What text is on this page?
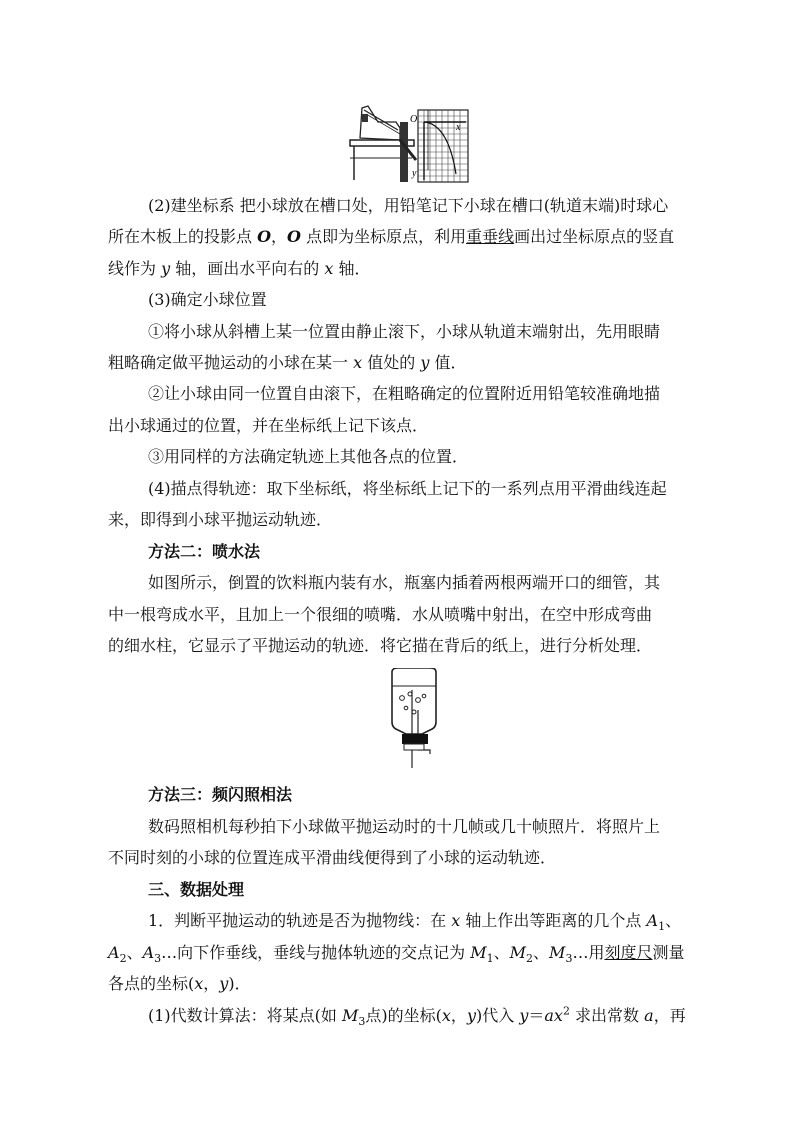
O
x
y
(2)建坐标系 把小球放在槽口处，用铅笔记下小球在槽口(轨道末端)时球心
所在木板上的投影点 O，O 点即为坐标原点，利用重垂线画出过坐标原点的竖直
线作为 y 轴，画出水平向右的 x 轴．
(3)确定小球位置
①将小球从斜槽上某一位置由静止滚下，小球从轨道末端射出，先用眼睛
粗略确定做平抛运动的小球在某一 x 值处的 y 值．
②让小球由同一位置自由滚下，在粗略确定的位置附近用铅笔较准确地描
出小球通过的位置，并在坐标纸上记下该点．
③用同样的方法确定轨迹上其他各点的位置．
(4)描点得轨迹：取下坐标纸，将坐标纸上记下的一系列点用平滑曲线连起
来，即得到小球平抛运动轨迹．
方法二：喷水法
如图所示，倒置的饮料瓶内装有水，瓶塞内插着两根两端开口的细管，其
中一根弯成水平，且加上一个很细的喷嘴．水从喷嘴中射出，在空中形成弯曲
的细水柱，它显示了平抛运动的轨迹．将它描在背后的纸上，进行分析处理．
方法三：频闪照相法
数码照相机每秒拍下小球做平抛运动时的十几帧或几十帧照片．将照片上
不同时刻的小球的位置连成平滑曲线便得到了小球的运动轨迹．
三、数据处理
1．判断平抛运动的轨迹是否为抛物线：在 x 轴上作出等距离的几个点 $A_1$、
$A_2$、$A_3\dots$向下作垂线，垂线与抛体轨迹的交点记为 $M_1$、$M_2$、$M_3\dots$用刻度尺测量
各点的坐标(x，y)．
(1)代数计算法：将某点(如 $M_3$点)的坐标(x，y)代入 $y=ax^2$ 求出常数 a，再
